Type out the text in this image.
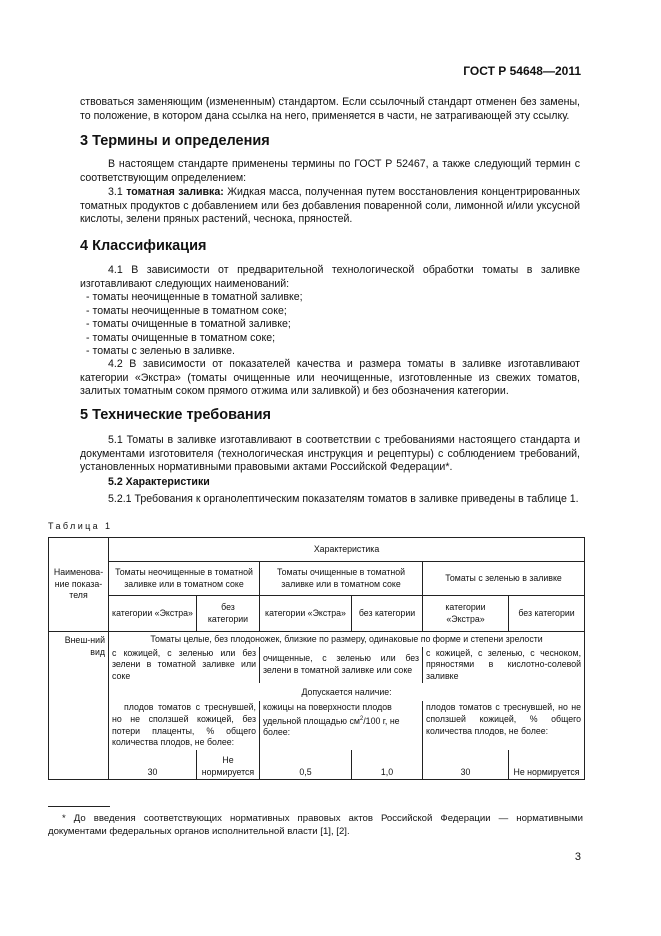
ГОСТ Р 54648—2011
ствоваться заменяющим (измененным) стандартом. Если ссылочный стандарт отменен без замены, то положение, в котором дана ссылка на него, применяется в части, не затрагивающей эту ссылку.
3 Термины и определения
В настоящем стандарте применены термины по ГОСТ Р 52467, а также следующий термин с соответствующим определением:
3.1 томатная заливка: Жидкая масса, полученная путем восстановления концентрированных томатных продуктов с добавлением или без добавления поваренной соли, лимонной и/или уксусной кислоты, зелени пряных растений, чеснока, пряностей.
4 Классификация
4.1 В зависимости от предварительной технологической обработки томаты в заливке изготавливают следующих наименований:
- томаты неочищенные в томатной заливке;
- томаты неочищенные в томатном соке;
- томаты очищенные в томатной заливке;
- томаты очищенные в томатном соке;
- томаты с зеленью в заливке.
4.2 В зависимости от показателей качества и размера томаты в заливке изготавливают категории «Экстра» (томаты очищенные или неочищенные, изготовленные из свежих томатов, залитых томатным соком прямого отжима или заливкой) и без обозначения категории.
5 Технические требования
5.1 Томаты в заливке изготавливают в соответствии с требованиями настоящего стандарта и документами изготовителя (технологическая инструкция и рецептуры) с соблюдением требований, установленных нормативными правовыми актами Российской Федерации*.
5.2 Характеристики
5.2.1 Требования к органолептическим показателям томатов в заливке приведены в таблице 1.
Таблица 1
Наименова-ние показа-теля	Характеристика					
	Томаты неочищенные в томатной заливке или в томатном соке		Томаты очищенные в томатной заливке или в томатном соке		Томаты с зеленью в заливке	
	категории «Экстра»	без категории	категории «Экстра»	без категории	категории «Экстра»	без категории
Внеш-ний вид	Томаты целые, без плодоножек, близкие по размеру, одинаковые по форме и степени зрелости					
	с кожицей, с зеленью или без зелени в томатной заливке или соке		очищенные, с зеленью или без зелени в томатной заливке или соке		с кожицей, с зеленью, с чесноком, пряностями в кислотно-солевой заливке	
	Допускается наличие:					
	плодов томатов с треснувшей, но не сползшей кожицей, без потери плаценты, % общего количества плодов, не более:		кожицы на поверхности плодов удельной площадью $см^2/100$ г, не более:		плодов томатов с треснувшей, но не сползшей кожицей, % общего количества плодов, не более:	
	30	Не нормируется	0,5	1,0	30	Не нормируется
* До введения соответствующих нормативных правовых актов Российской Федерации — нормативными документами федеральных органов исполнительной власти [1], [2].
3
